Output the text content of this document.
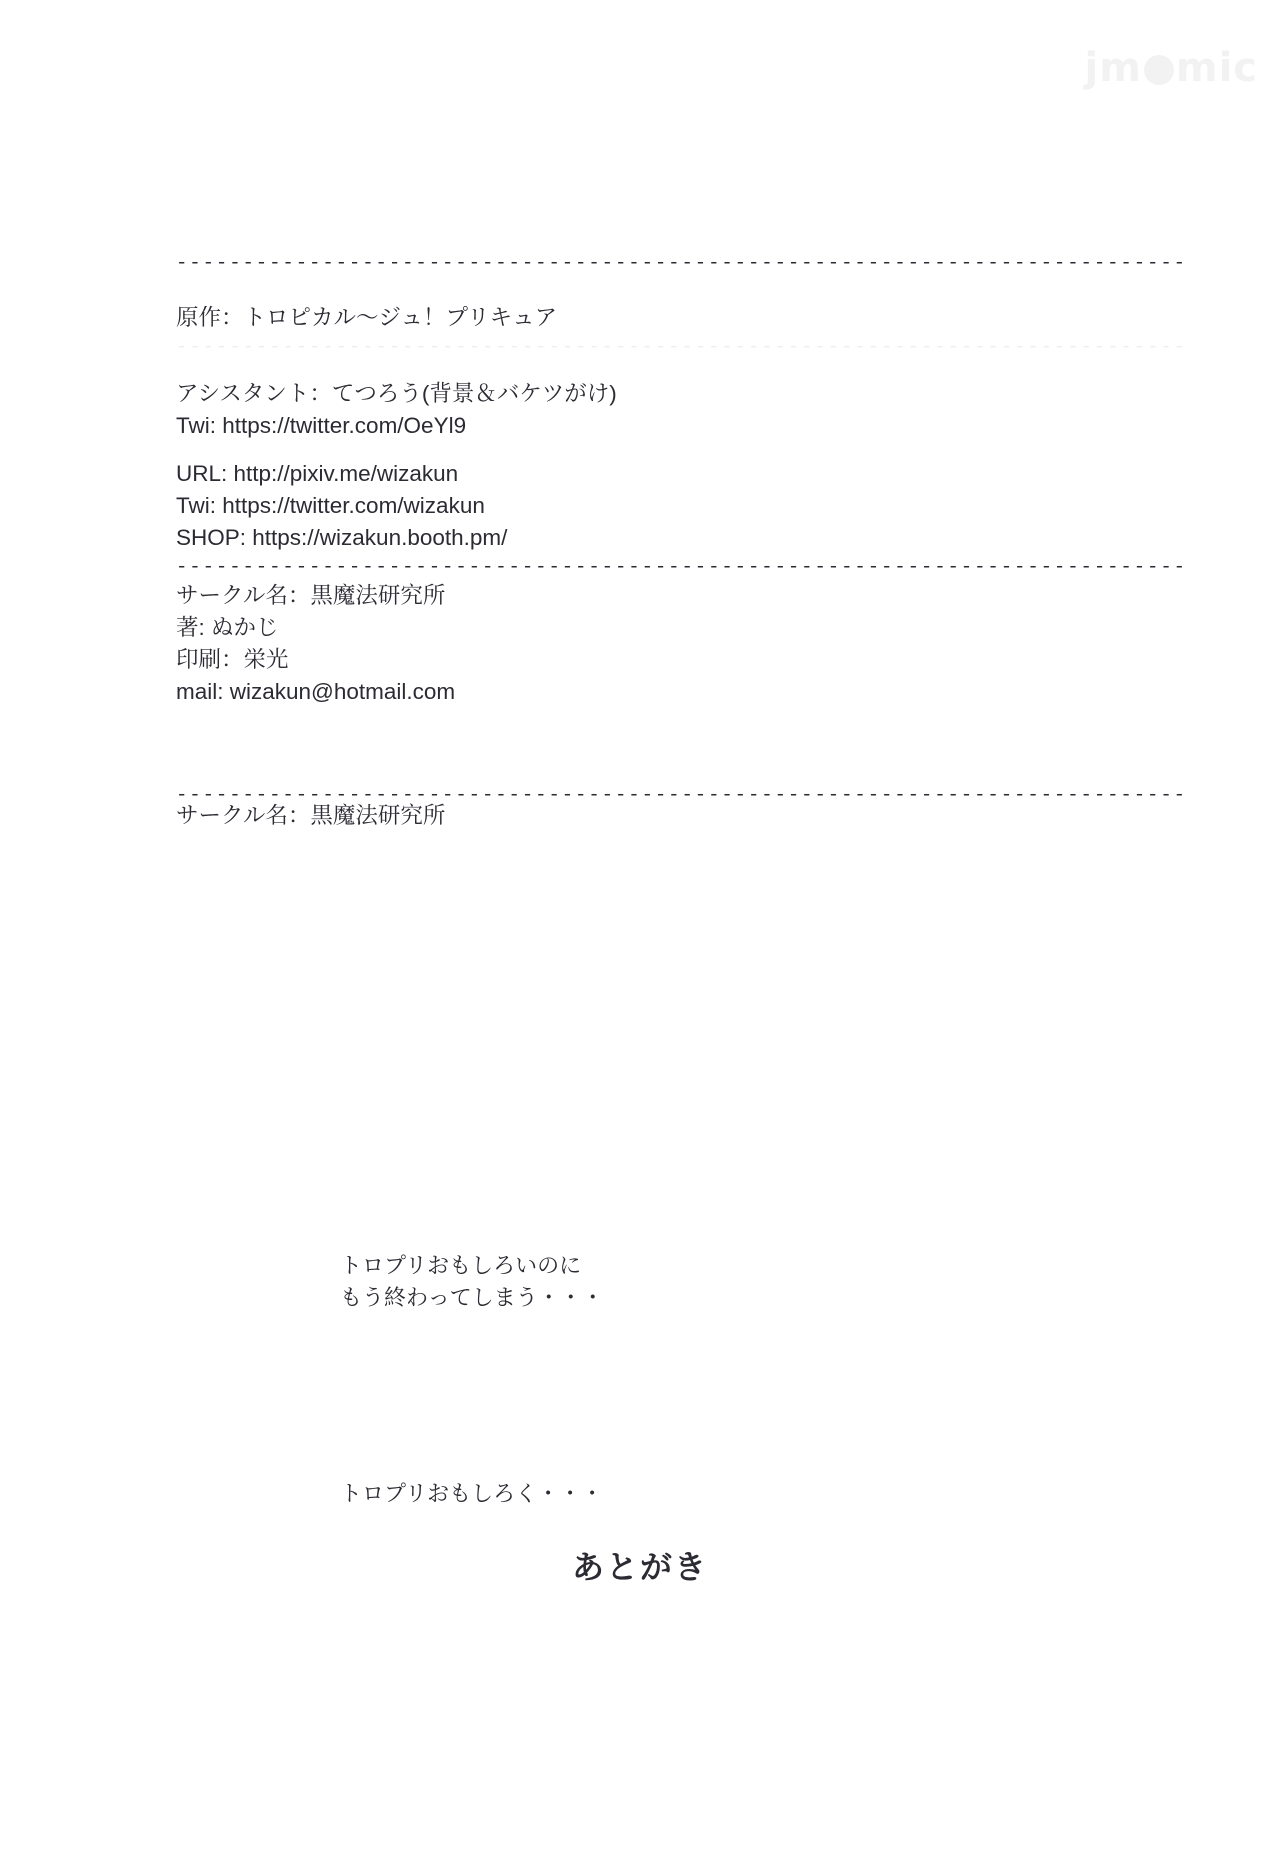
jm mic
----------------------------------------------------------------------------
原作：トロピカル～ジュ！プリキュア
----------------------------------------------------------------------------
アシスタント：てつろう(背景＆バケツがけ)
Twi: https://twitter.com/OeYl9
URL: http://pixiv.me/wizakun
Twi: https://twitter.com/wizakun
SHOP: https://wizakun.booth.pm/
----------------------------------------------------------------------------
サークル名：黒魔法研究所
著: ぬかじ
印刷：栄光
mail: wizakun@hotmail.com
----------------------------------------------------------------------------
サークル名：黒魔法研究所
トロプリおもしろいのに
もう終わってしまう・・・
トロプリおもしろく・・・
あとがき
